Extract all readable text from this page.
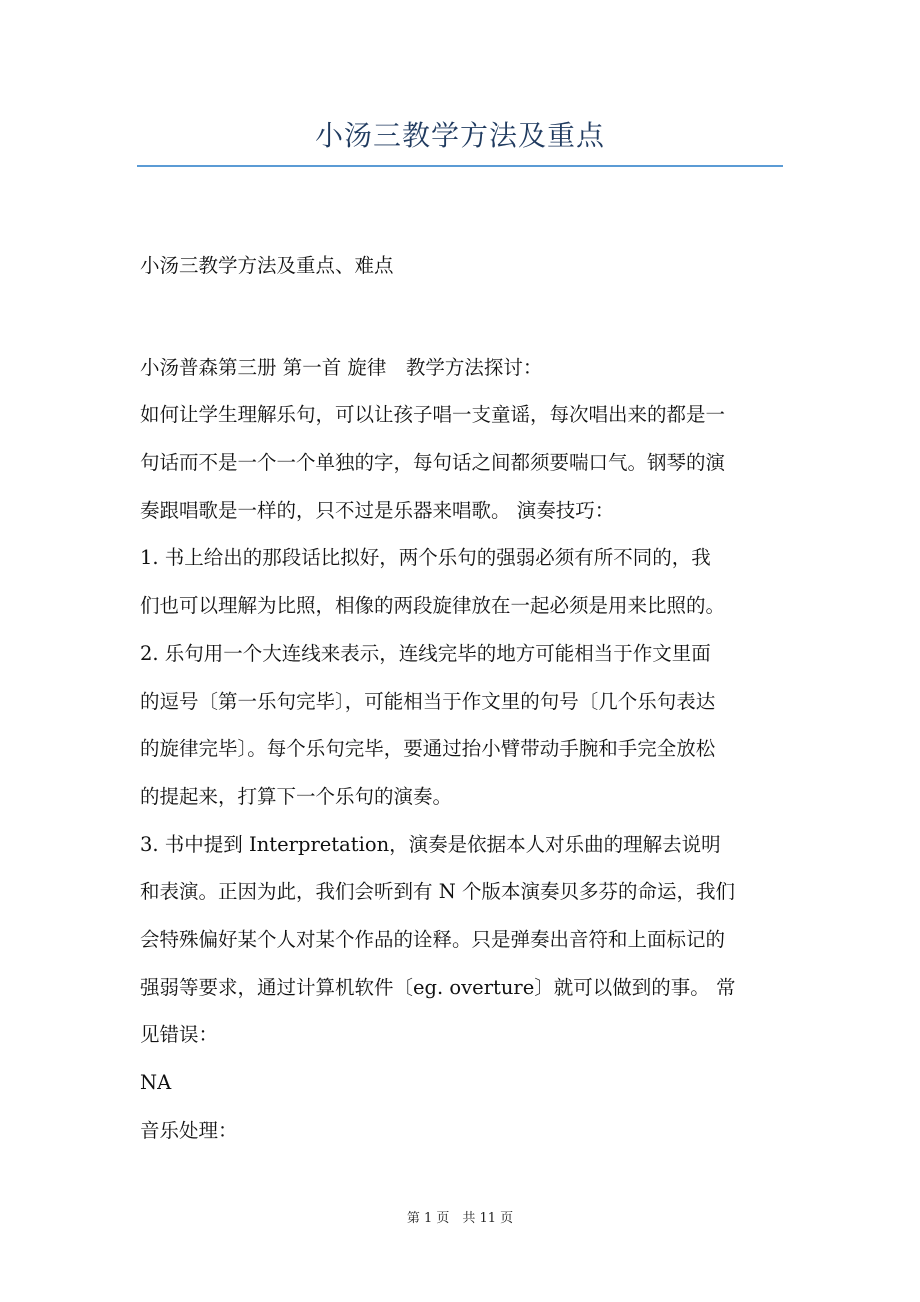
小汤三教学方法及重点
小汤三教学方法及重点、难点
小汤普森第三册 第一首 旋律　教学方法探讨：
如何让学生理解乐句，可以让孩子唱一支童谣，每次唱出来的都是一
句话而不是一个一个单独的字，每句话之间都须要喘口气。钢琴的演
奏跟唱歌是一样的，只不过是乐器来唱歌。 演奏技巧：
1. 书上给出的那段话比拟好，两个乐句的强弱必须有所不同的，我
们也可以理解为比照，相像的两段旋律放在一起必须是用来比照的。
2. 乐句用一个大连线来表示，连线完毕的地方可能相当于作文里面
的逗号〔第一乐句完毕〕，可能相当于作文里的句号〔几个乐句表达
的旋律完毕〕。每个乐句完毕，要通过抬小臂带动手腕和手完全放松
的提起来，打算下一个乐句的演奏。
3. 书中提到 Interpretation，演奏是依据本人对乐曲的理解去说明
和表演。正因为此，我们会听到有 N 个版本演奏贝多芬的命运，我们
会特殊偏好某个人对某个作品的诠释。只是弹奏出音符和上面标记的
强弱等要求，通过计算机软件〔eg. overture〕就可以做到的事。 常
见错误：
NA
音乐处理：
第 1 页　共 11 页
